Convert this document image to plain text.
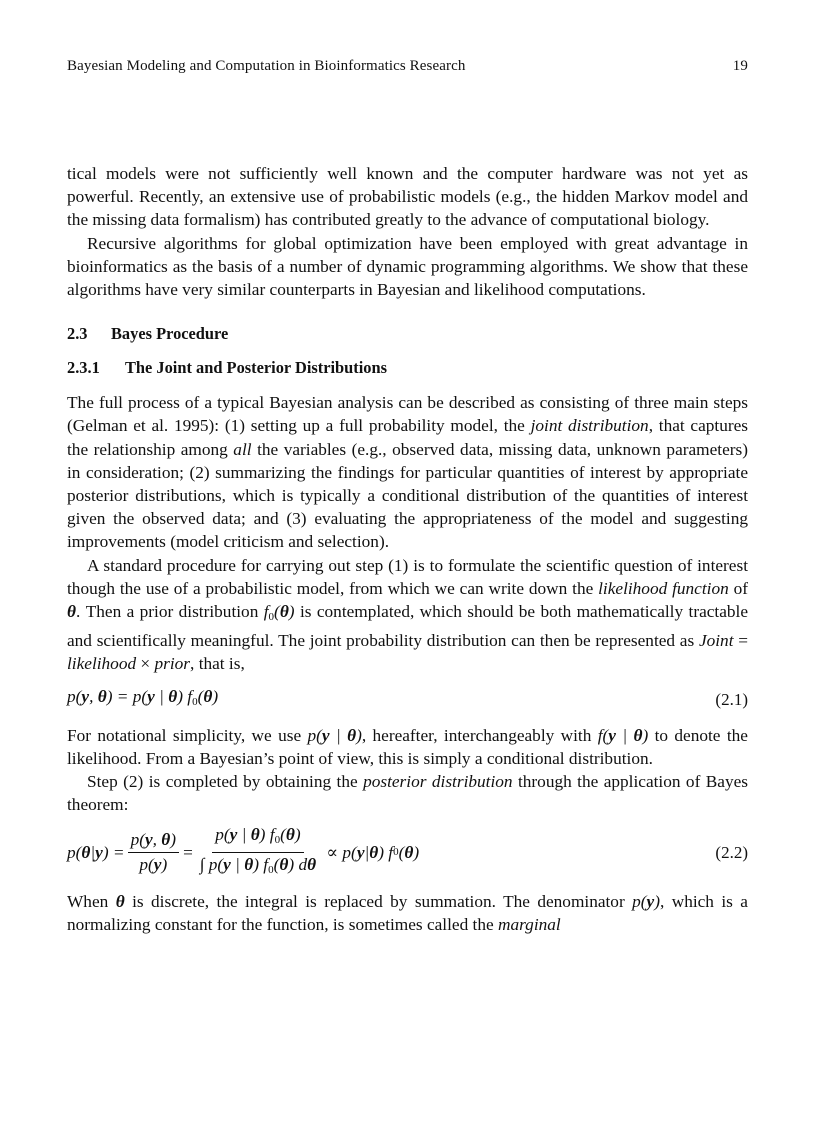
Bayesian Modeling and Computation in Bioinformatics Research	19

tical models were not sufficiently well known and the computer hardware was not yet as powerful. Recently, an extensive use of probabilistic models (e.g., the hidden Markov model and the missing data formalism) has contributed greatly to the advance of computational biology.

Recursive algorithms for global optimization have been employed with great advantage in bioinformatics as the basis of a number of dynamic programming algorithms. We show that these algorithms have very similar counterparts in Bayesian and likelihood computations.

2.3 Bayes Procedure
2.3.1 The Joint and Posterior Distributions

The full process of a typical Bayesian analysis can be described as consisting of three main steps (Gelman et al. 1995): (1) setting up a full probability model, the joint distribution, that captures the relationship among all the variables (e.g., observed data, missing data, unknown parameters) in consideration; (2) summarizing the findings for particular quantities of interest by appropriate posterior distributions, which is typically a conditional distribution of the quantities of interest given the observed data; and (3) evaluating the appropriateness of the model and suggesting improvements (model criticism and selection).

A standard procedure for carrying out step (1) is to formulate the scientific question of interest though the use of a probabilistic model, from which we can write down the likelihood function of θ. Then a prior distribution $f_0(\theta)$ is contemplated, which should be both mathematically tractable and scientifically meaningful. The joint probability distribution can then be represented as Joint = likelihood × prior, that is,

p(y, θ) = p(y | θ) $f_0(\theta)$	(2.1)

For notational simplicity, we use p(y | θ), hereafter, interchangeably with f(y | θ) to denote the likelihood. From a Bayesian’s point of view, this is simply a conditional distribution.

Step (2) is completed by obtaining the posterior distribution through the application of Bayes theorem:

p( θ | y ) = $\frac{p(y, \theta)}{p(y)} = \frac{p(y | \theta) f_0(\theta)}{\int p(y | \theta) f_0(\theta) d\theta} \propto p$( y | θ ) f 0 ( θ )	(2.2)

When θ is discrete, the integral is replaced by summation. The denominator p(y), which is a normalizing constant for the function, is sometimes called the marginal
